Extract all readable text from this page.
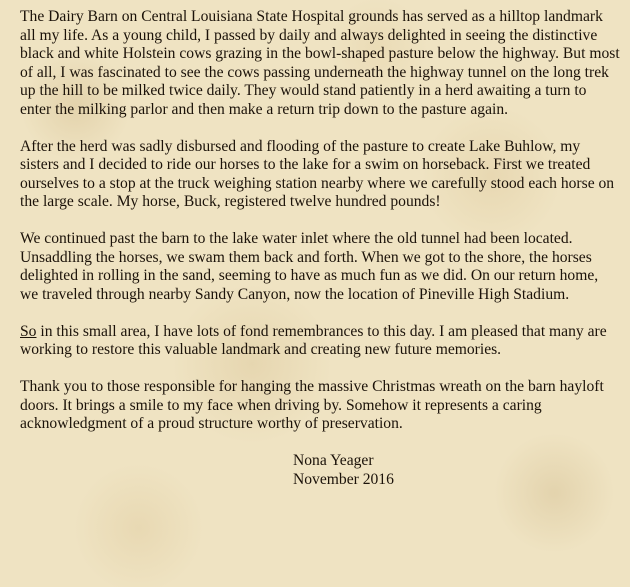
The Dairy Barn on Central Louisiana State Hospital grounds has served as a hilltop landmark all my life. As a young child, I passed by daily and always delighted in seeing the distinctive black and white Holstein cows grazing in the bowl-shaped pasture below the highway. But most of all, I was fascinated to see the cows passing underneath the highway tunnel on the long trek up the hill to be milked twice daily. They would stand patiently in a herd awaiting a turn to enter the milking parlor and then make a return trip down to the pasture again.

After the herd was sadly disbursed and flooding of the pasture to create Lake Buhlow, my sisters and I decided to ride our horses to the lake for a swim on horseback. First we treated ourselves to a stop at the truck weighing station nearby where we carefully stood each horse on the large scale. My horse, Buck, registered twelve hundred pounds!

We continued past the barn to the lake water inlet where the old tunnel had been located. Unsaddling the horses, we swam them back and forth. When we got to the shore, the horses delighted in rolling in the sand, seeming to have as much fun as we did. On our return home, we traveled through nearby Sandy Canyon, now the location of Pineville High Stadium.

So in this small area, I have lots of fond remembrances to this day. I am pleased that many are working to restore this valuable landmark and creating new future memories.

Thank you to those responsible for hanging the massive Christmas wreath on the barn hayloft doors. It brings a smile to my face when driving by. Somehow it represents a caring acknowledgment of a proud structure worthy of preservation.

Nona Yeager
November 2016
